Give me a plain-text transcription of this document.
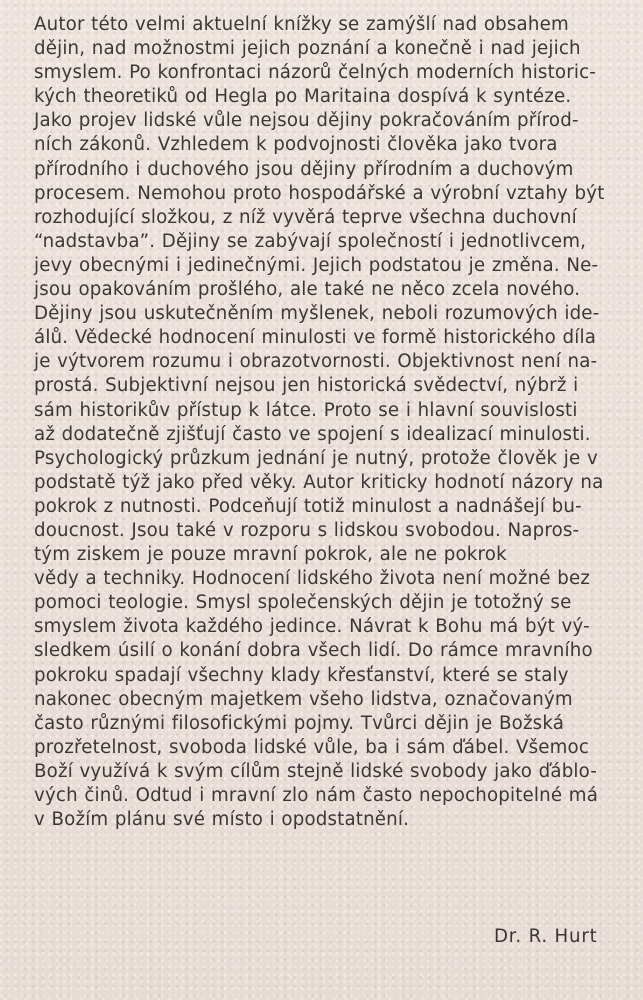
Autor této velmi aktuelní knížky se zamýšlí nad obsahem
dějin, nad možnostmi jejich poznání a konečně i nad jejich
smyslem. Po konfrontaci názorů čelných moderních historic-
kých theoretiků od Hegla po Maritaina dospívá k syntéze.
Jako projev lidské vůle nejsou dějiny pokračováním přírod-
ních zákonů. Vzhledem k podvojnosti člověka jako tvora
přírodního i duchového jsou dějiny přírodním a duchovým
procesem. Nemohou proto hospodářské a výrobní vztahy být
rozhodující složkou, z níž vyvěrá teprve všechna duchovní
“nadstavba”. Dějiny se zabývají společností i jednotlivcem,
jevy obecnými i jedinečnými. Jejich podstatou je změna. Ne-
jsou opakováním prošlého, ale také ne něco zcela nového.
Dějiny jsou uskutečněním myšlenek, neboli rozumových ide-
álů. Vědecké hodnocení minulosti ve formě historického díla
je výtvorem rozumu i obrazotvornosti. Objektivnost není na-
prostá. Subjektivní nejsou jen historická svědectví, nýbrž i
sám historikův přístup k látce. Proto se i hlavní souvislosti
až dodatečně zjišťují často ve spojení s idealizací minulosti.
Psychologický průzkum jednání je nutný, protože člověk je v
podstatě týž jako před věky. Autor kriticky hodnotí názory na
pokrok z nutnosti. Podceňují totiž minulost a nadnášejí bu-
doucnost. Jsou také v rozporu s lidskou svobodou. Napros-
tým ziskem je pouze mravní pokrok, ale ne pokrok
vědy a techniky. Hodnocení lidského života není možné bez
pomoci teologie. Smysl společenských dějin je totožný se
smyslem života každého jedince. Návrat k Bohu má být vý-
sledkem úsilí o konání dobra všech lidí. Do rámce mravního
pokroku spadají všechny klady křesťanství, které se staly
nakonec obecným majetkem všeho lidstva, označovaným
často různými filosofickými pojmy. Tvůrci dějin je Božská
prozřetelnost, svoboda lidské vůle, ba i sám ďábel. Všemoc
Boží využívá k svým cílům stejně lidské svobody jako ďáblo-
vých činů. Odtud i mravní zlo nám často nepochopitelné má
v Božím plánu své místo i opodstatnění.
Dr. R. Hurt
